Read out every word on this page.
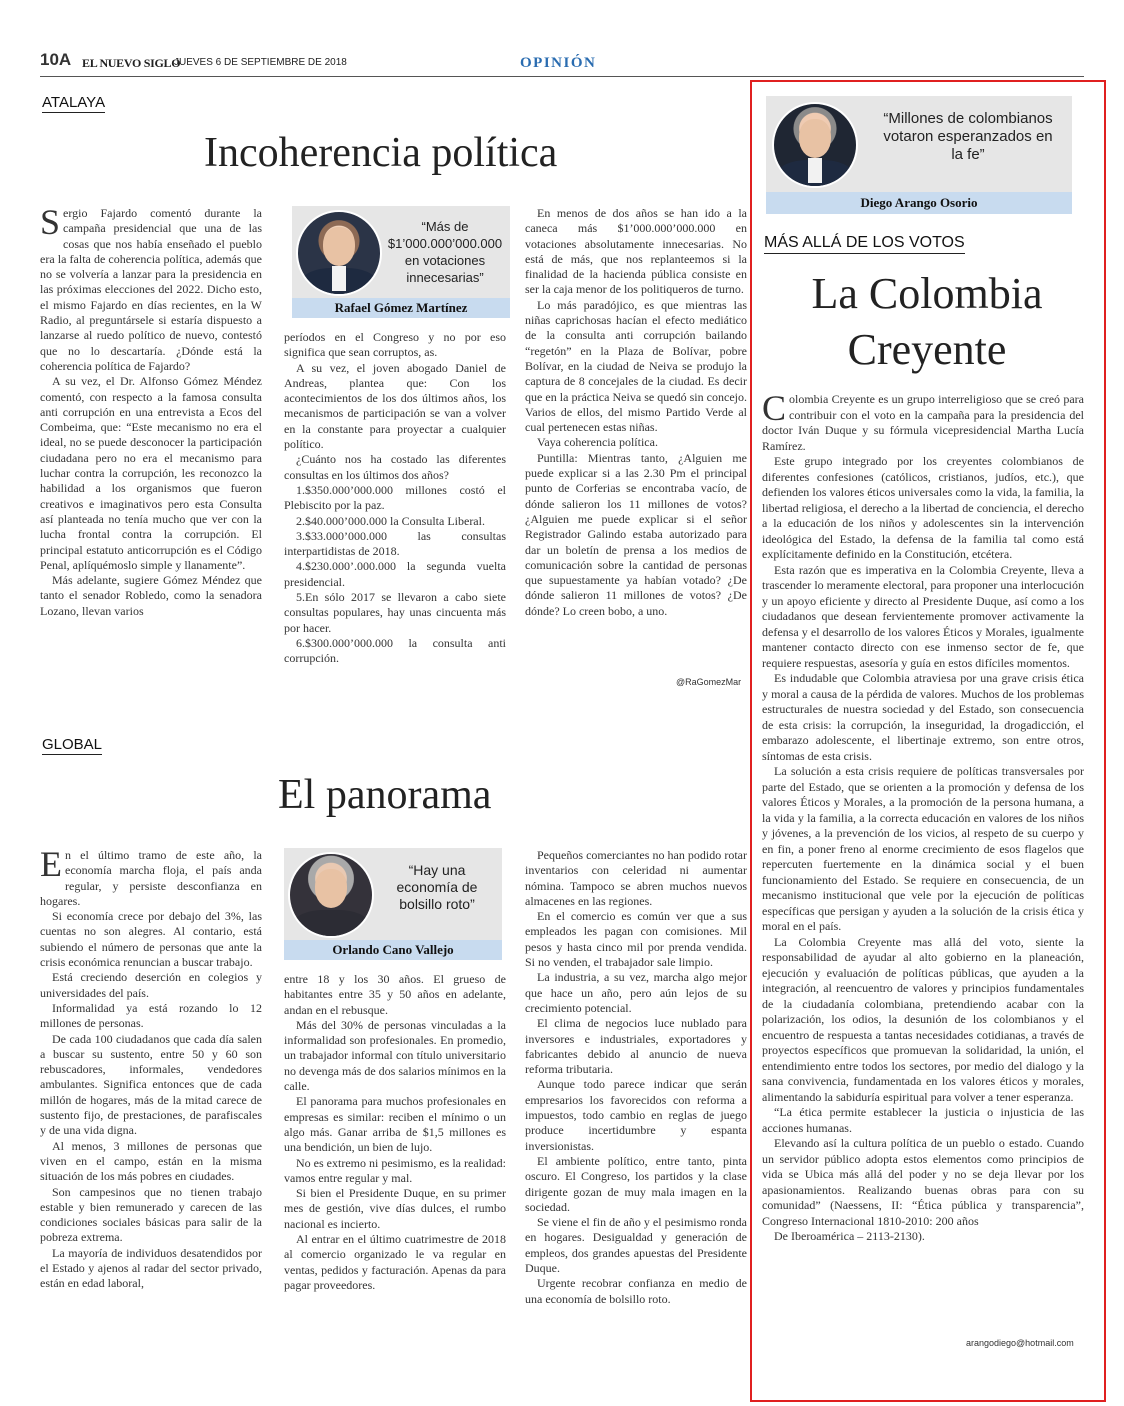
10A EL NUEVO SIGLO
JUEVES 6 DE SEPTIEMBRE DE 2018	OPINIÓN
ATALAYA
Incoherencia política

Sergio Fajardo comentó durante la campaña presidencial que una de las cosas que nos había enseñado el pueblo era la falta de coherencia política, además que no se volvería a lanzar para la presidencia en las próximas elecciones del 2022. Dicho esto, el mismo Fajardo en días recientes, en la W Radio, al preguntársele si estaría dispuesto a lanzarse al ruedo político de nuevo, contestó que no lo descartaría. ¿Dónde está la coherencia política de Fajardo?

A su vez, el Dr. Alfonso Gómez Méndez comentó, con respecto a la famosa consulta anti corrupción en una entrevista a Ecos del Combeima, que: “Este mecanismo no era el ideal, no se puede desconocer la participación ciudadana pero no era el mecanismo para luchar contra la corrupción, les reconozco la habilidad a los organismos que fueron creativos e imaginativos pero esta Consulta así planteada no tenía mucho que ver con la lucha frontal contra la corrupción. El principal estatuto anticorrupción es el Código Penal, aplíquémoslo simple y llanamente”.

Más adelante, sugiere Gómez Méndez que tanto el senador Robledo, como la senadora Lozano, llevan varios

“Más de $1’000.000’000.000 en votaciones innecesarias”
Rafael Gómez Martínez

períodos en el Congreso y no por eso significa que sean corruptos, as.

A su vez, el joven abogado Daniel de Andreas, plantea que: Con los acontecimientos de los dos últimos años, los mecanismos de participación se van a volver en la constante para proyectar a cualquier político.

¿Cuánto nos ha costado las diferentes consultas en los últimos dos años?

1.$350.000’000.000 millones costó el Plebiscito por la paz.

2.$40.000’000.000 la Consulta Liberal.

3.$33.000’000.000 las consultas interpartidistas de 2018.

4.$230.000’.000.000 la segunda vuelta presidencial.

5.En sólo 2017 se llevaron a cabo siete consultas populares, hay unas cincuenta más por hacer.

6.$300.000’000.000 la consulta anti corrupción.

En menos de dos años se han ido a la caneca más $1’000.000’000.000 en votaciones absolutamente innecesarias. No está de más, que nos replanteemos si la finalidad de la hacienda pública consiste en ser la caja menor de los politiqueros de turno.

Lo más paradójico, es que mientras las niñas caprichosas hacían el efecto mediático de la consulta anti corrupción bailando “regetón” en la Plaza de Bolívar, pobre Bolívar, en la ciudad de Neiva se produjo la captura de 8 concejales de la ciudad. Es decir que en la práctica Neiva se quedó sin concejo. Varios de ellos, del mismo Partido Verde al cual pertenecen estas niñas.

Vaya coherencia política.

Puntilla: Mientras tanto, ¿Alguien me puede explicar si a las 2.30 Pm el principal punto de Corferias se encontraba vacío, de dónde salieron los 11 millones de votos? ¿Alguien me puede explicar si el señor Registrador Galindo estaba autorizado para dar un boletín de prensa a los medios de comunicación sobre la cantidad de personas que supuestamente ya habían votado? ¿De dónde salieron 11 millones de votos? ¿De dónde? Lo creen bobo, a uno.

@RaGomezMar
GLOBAL
El panorama

En el último tramo de este año, la economía marcha floja, el país anda regular, y persiste desconfianza en hogares.

Si economía crece por debajo del 3%, las cuentas no son alegres. Al contario, está subiendo el número de personas que ante la crisis económica renuncian a buscar trabajo.

Está creciendo deserción en colegios y universidades del país.

Informalidad ya está rozando lo 12 millones de personas.

De cada 100 ciudadanos que cada día salen a buscar su sustento, entre 50 y 60 son rebuscadores, informales, vendedores ambulantes. Significa entonces que de cada millón de hogares, más de la mitad carece de sustento fijo, de prestaciones, de parafiscales y de una vida digna.

Al menos, 3 millones de personas que viven en el campo, están en la misma situación de los más pobres en ciudades.

Son campesinos que no tienen trabajo estable y bien remunerado y carecen de las condiciones sociales básicas para salir de la pobreza extrema.

La mayoría de individuos desatendidos por el Estado y ajenos al radar del sector privado, están en edad laboral,

“Hay una economía de bolsillo roto”
Orlando Cano Vallejo

entre 18 y los 30 años. El grueso de habitantes entre 35 y 50 años en adelante, andan en el rebusque.

Más del 30% de personas vinculadas a la informalidad son profesionales. En promedio, un trabajador informal con título universitario no devenga más de dos salarios mínimos en la calle.

El panorama para muchos profesionales en empresas es similar: reciben el mínimo o un algo más. Ganar arriba de $1,5 millones es una bendición, un bien de lujo.

No es extremo ni pesimismo, es la realidad: vamos entre regular y mal.

Si bien el Presidente Duque, en su primer mes de gestión, vive días dulces, el rumbo nacional es incierto.

Al entrar en el último cuatrimestre de 2018 al comercio organizado le va regular en ventas, pedidos y facturación. Apenas da para pagar proveedores.

Pequeños comerciantes no han podido rotar inventarios con celeridad ni aumentar nómina. Tampoco se abren muchos nuevos almacenes en las regiones.

En el comercio es común ver que a sus empleados les pagan con comisiones. Mil pesos y hasta cinco mil por prenda vendida. Si no venden, el trabajador sale limpio.

La industria, a su vez, marcha algo mejor que hace un año, pero aún lejos de su crecimiento potencial.

El clima de negocios luce nublado para inversores e industriales, exportadores y fabricantes debido al anuncio de nueva reforma tributaria.

Aunque todo parece indicar que serán empresarios los favorecidos con reforma a impuestos, todo cambio en reglas de juego produce incertidumbre y espanta inversionistas.

El ambiente político, entre tanto, pinta oscuro. El Congreso, los partidos y la clase dirigente gozan de muy mala imagen en la sociedad.

Se viene el fin de año y el pesimismo ronda en hogares. Desigualdad y generación de empleos, dos grandes apuestas del Presidente Duque.

Urgente recobrar confianza en medio de una economía de bolsillo roto.

“Millones de colombianos votaron esperanzados en la fe”
Diego Arango Osorio
MÁS ALLÁ DE LOS VOTOS
La Colombia
Creyente

Colombia Creyente es un grupo interreligioso que se creó para contribuir con el voto en la campaña para la presidencia del doctor Iván Duque y su fórmula vicepresidencial Martha Lucía Ramírez.

Este grupo integrado por los creyentes colombianos de diferentes confesiones (católicos, cristianos, judíos, etc.), que defienden los valores éticos universales como la vida, la familia, la libertad religiosa, el derecho a la libertad de conciencia, el derecho a la educación de los niños y adolescentes sin la intervención ideológica del Estado, la defensa de la familia tal como está explícitamente definido en la Constitución, etcétera.

Esta razón que es imperativa en la Colombia Creyente, lleva a trascender lo meramente electoral, para proponer una interlocución y un apoyo eficiente y directo al Presidente Duque, así como a los ciudadanos que desean fervientemente promover activamente la defensa y el desarrollo de los valores Éticos y Morales, igualmente mantener contacto directo con ese inmenso sector de fe, que requiere respuestas, asesoría y guía en estos difíciles momentos.

Es indudable que Colombia atraviesa por una grave crisis ética y moral a causa de la pérdida de valores. Muchos de los problemas estructurales de nuestra sociedad y del Estado, son consecuencia de esta crisis: la corrupción, la inseguridad, la drogadicción, el embarazo adolescente, el libertinaje extremo, son entre otros, síntomas de esta crisis.

La solución a esta crisis requiere de políticas transversales por parte del Estado, que se orienten a la promoción y defensa de los valores Éticos y Morales, a la promoción de la persona humana, a la vida y la familia, a la correcta educación en valores de los niños y jóvenes, a la prevención de los vicios, al respeto de su cuerpo y en fin, a poner freno al enorme crecimiento de esos flagelos que repercuten fuertemente en la dinámica social y el buen funcionamiento del Estado. Se requiere en consecuencia, de un mecanismo institucional que vele por la ejecución de políticas específicas que persigan y ayuden a la solución de la crisis ética y moral en el país.

La Colombia Creyente mas allá del voto, siente la responsabilidad de ayudar al alto gobierno en la planeación, ejecución y evaluación de políticas públicas, que ayuden a la integración, al reencuentro de valores y principios fundamentales de la ciudadanía colombiana, pretendiendo acabar con la polarización, los odios, la desunión de los colombianos y el encuentro de respuesta a tantas necesidades cotidianas, a través de proyectos específicos que promuevan la solidaridad, la unión, el entendimiento entre todos los sectores, por medio del dialogo y la sana convivencia, fundamentada en los valores éticos y morales, alimentando la sabiduría espiritual para volver a tener esperanza.

“La ética permite establecer la justicia o injusticia de las acciones humanas.

Elevando así la cultura política de un pueblo o estado. Cuando un servidor público adopta estos elementos como principios de vida se Ubica más allá del poder y no se deja llevar por los apasionamientos. Realizando buenas obras para con su comunidad” (Naessens, II: “Ética pública y transparencia”, Congreso Internacional 1810-2010: 200 años

De Iberoamérica – 2113-2130).

arangodiego@hotmail.com
